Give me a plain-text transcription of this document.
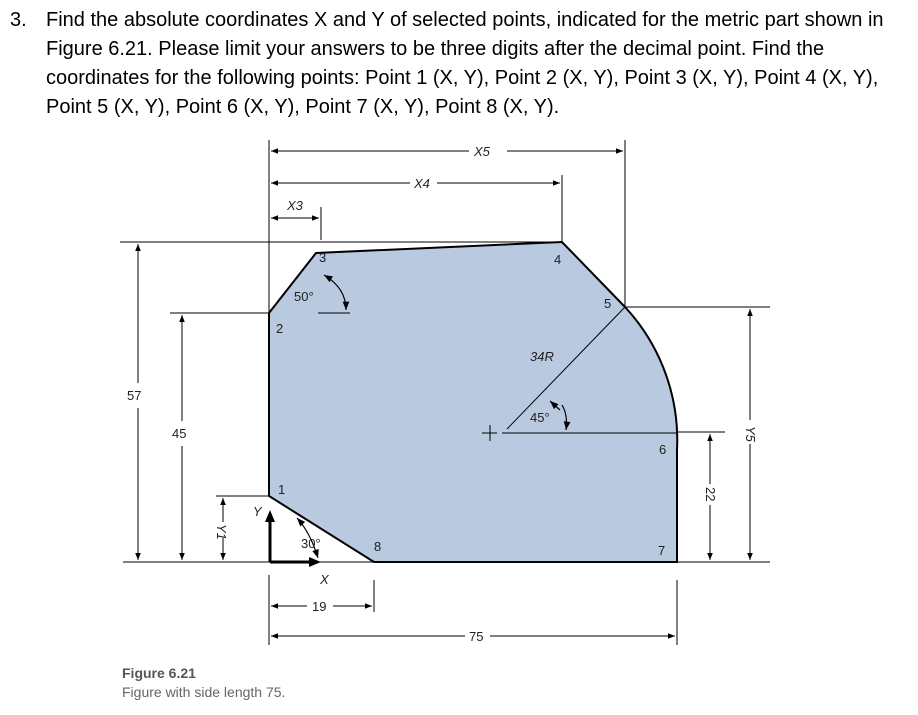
3. Find the absolute coordinates X and Y of selected points, indicated for the metric part shown in Figure 6.21. Please limit your answers to be three digits after the decimal point. Find the coordinates for the following points: Point 1 (X, Y), Point 2 (X, Y), Point 3 (X, Y), Point 4 (X, Y), Point 5 (X, Y), Point 6 (X, Y), Point 7 (X, Y), Point 8 (X, Y).
1
2
3	4
5
6
7
8
X5
X4
X3
57
45
Y1
Y5
22
19
75
34R
50°
45°
30°
Y
X
Figure 6.21
Figure with side length 75.
